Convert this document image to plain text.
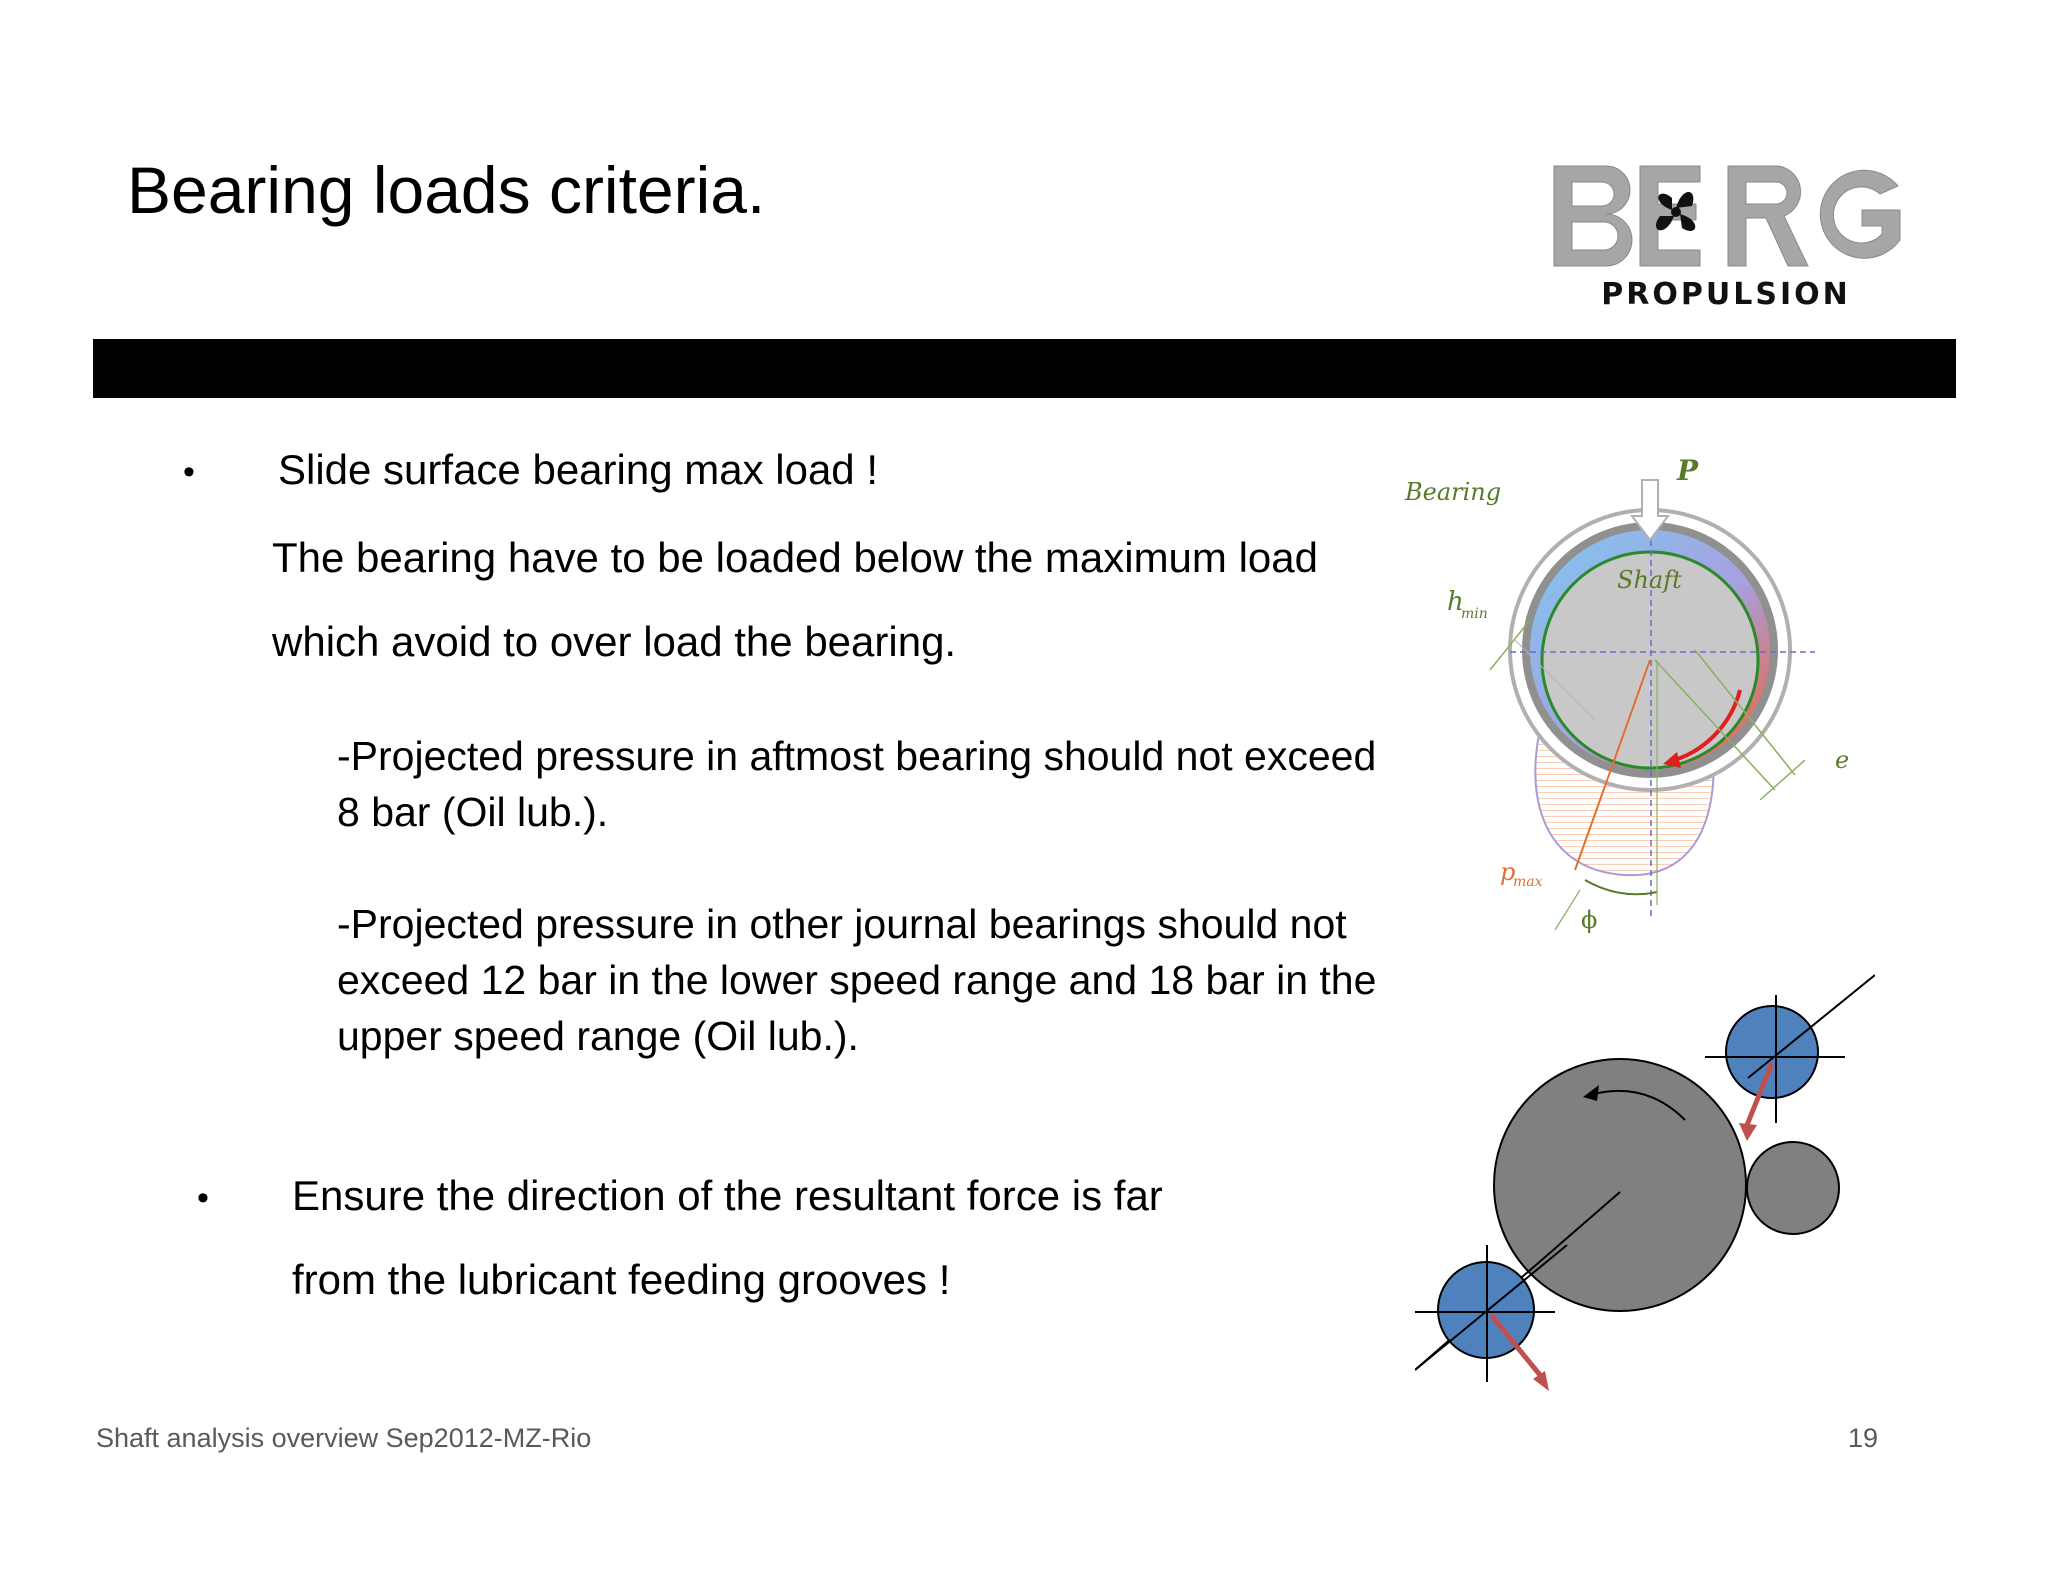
Bearing loads criteria.
PROPULSION
• Slide surface bearing max load !
The bearing have to be loaded below the maximum load
which avoid to over load the bearing.
-Projected pressure in aftmost bearing should not exceed
8 bar (Oil lub.).
-Projected pressure in other journal bearings should not
exceed 12 bar in the lower speed range and 18 bar in the
upper speed range (Oil lub.).
• Ensure the direction of the resultant force is far
from the lubricant feeding grooves !
Bearing
P
Shaft
h
min
e
p
max
ϕ
Shaft analysis overview Sep2012-MZ-Rio	19
